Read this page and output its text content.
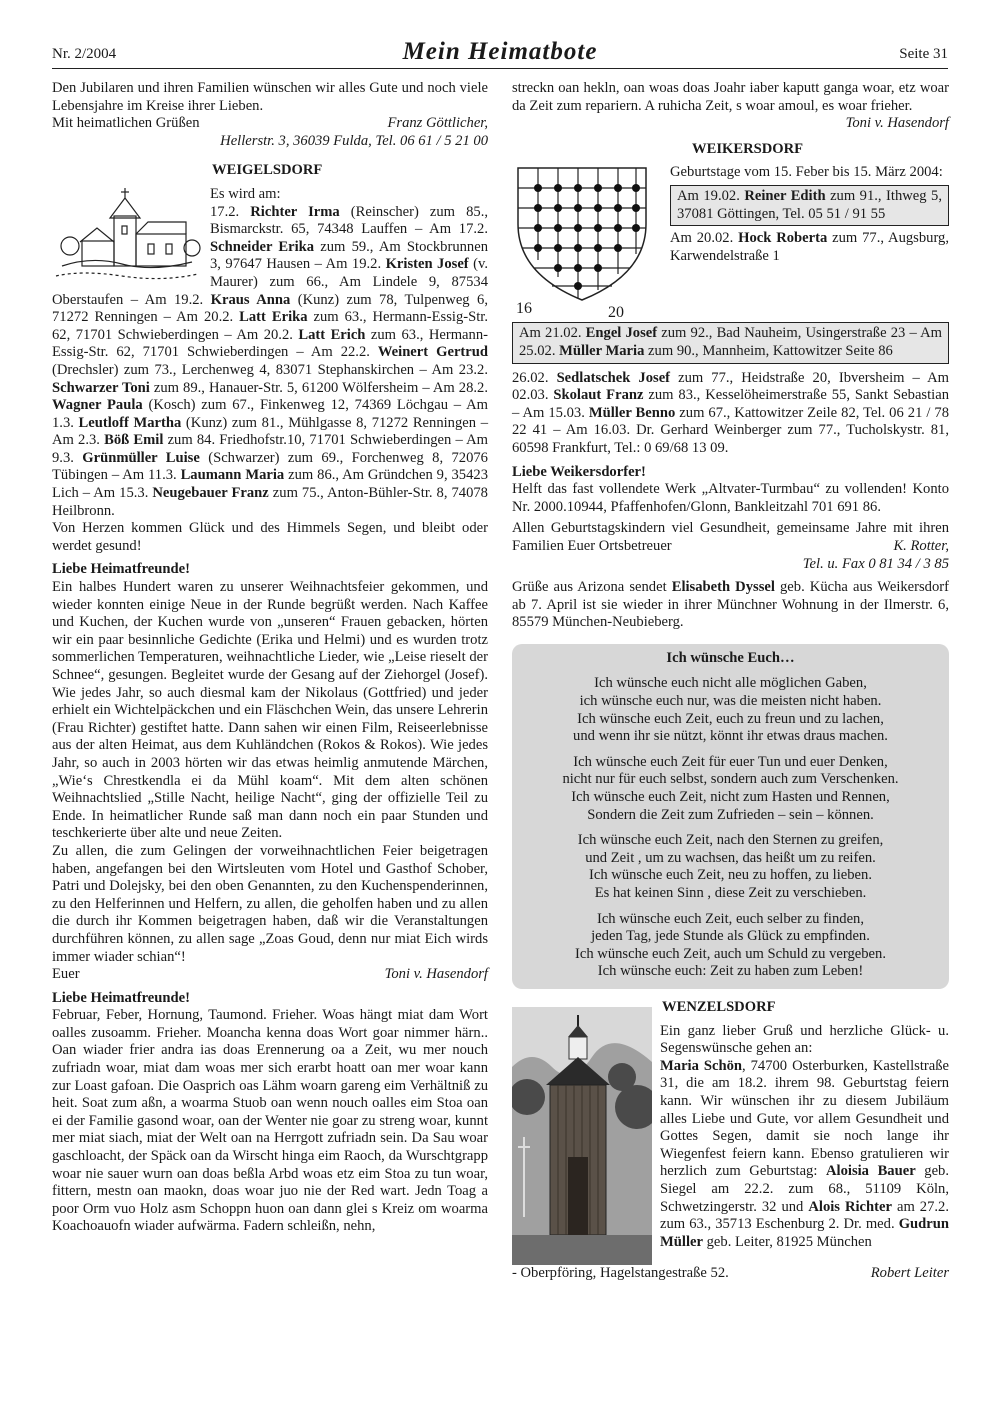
Nr. 2/2004	Mein Heimatbote	Seite 31

Den Jubilaren und ihren Familien wünschen wir alles Gute und noch viele Lebensjahre im Kreise ihrer Lieben.

Mit heimatlichen Grüßen	Franz Göttlicher,

Hellerstr. 3, 36039 Fulda, Tel. 06 61 / 5 21 00

WEIGELSDORF

Es wird am:

17.2. Richter Irma (Reinscher) zum 85., Bismarckstr. 65, 74348 Lauffen – Am 17.2. Schneider Erika zum 59., Am Stockbrunnen 3, 97647 Hausen – Am 19.2. Kristen Josef (v. Maurer) zum 66., Am Lindele 9, 87534 Oberstaufen – Am 19.2. Kraus Anna (Kunz) zum 78, Tulpenweg 6, 71272 Renningen – Am 20.2. Latt Erika zum 63., Hermann-Essig-Str. 62, 71701 Schwieberdingen – Am 20.2. Latt Erich zum 63., Hermann-Essig-Str. 62, 71701 Schwieberdingen – Am 22.2. Weinert Gertrud (Drechsler) zum 73., Lerchenweg 4, 83071 Stephanskirchen – Am 23.2. Schwarzer Toni zum 89., Hanauer-Str. 5, 61200 Wölfersheim – Am 28.2. Wagner Paula (Kosch) zum 67., Finkenweg 12, 74369 Löchgau – Am 1.3. Leutloff Martha (Kunz) zum 81., Mühlgasse 8, 71272 Renningen – Am 2.3. Böß Emil zum 84. Friedhofstr.10, 71701 Schwieberdingen – Am 9.3. Grünmüller Luise (Schwarzer) zum 69., Forchenweg 8, 72076 Tübingen – Am 11.3. Laumann Maria zum 86., Am Gründchen 9, 35423 Lich – Am 15.3. Neugebauer Franz zum 75., Anton-Bühler-Str. 8, 74078 Heilbronn.

Von Herzen kommen Glück und des Himmels Segen, und bleibt oder werdet gesund!

Liebe Heimatfreunde!

Ein halbes Hundert waren zu unserer Weihnachtsfeier gekommen, und wieder konnten einige Neue in der Runde begrüßt werden. Nach Kaffee und Kuchen, der Kuchen wurde von „unseren“ Frauen gebacken, hörten wir ein paar besinnliche Gedichte (Erika und Helmi) und es wurden trotz sommerlichen Temperaturen, weihnachtliche Lieder, wie „Leise rieselt der Schnee“, gesungen. Begleitet wurde der Gesang auf der Ziehorgel (Josef). Wie jedes Jahr, so auch diesmal kam der Nikolaus (Gottfried) und jeder erhielt ein Wichtelpäckchen und ein Fläschchen Wein, das unsere Lehrerin (Frau Richter) gestiftet hatte. Dann sahen wir einen Film, Reiseerlebnisse aus der alten Heimat, aus dem Kuhländchen (Rokos & Rokos). Wie jedes Jahr, so auch in 2003 hörten wir das etwas heimlig anmutende Märchen, „Wie‘s Chrestkendla ei da Mühl koam“. Mit dem alten schönen Weihnachtslied „Stille Nacht, heilige Nacht“, ging der offizielle Teil zu Ende. In heimatlicher Runde saß man dann noch ein paar Stunden und teschkerierte über alte und neue Zeiten.

Zu allen, die zum Gelingen der vorweihnachtlichen Feier beigetragen haben, angefangen bei den Wirtsleuten vom Hotel und Gasthof Schober, Patri und Dolejsky, bei den oben Genannten, zu den Kuchenspenderinnen, zu den Helferinnen und Helfern, zu allen, die geholfen haben und zu allen die durch ihr Kommen beigetragen haben, daß wir die Veranstaltungen durchführen können, zu allen sage „Zoas Goud, denn nur miat Eich wirds immer wiader schian“!

Euer	Toni v. Hasendorf
Liebe Heimatfreunde!

Februar, Feber, Hornung, Taumond. Frieher. Woas hängt miat dam Wort oalles zusoamm. Frieher. Moancha kenna doas Wort goar nimmer härn.. Oan wiader frier andra ias doas Erennerung oa a Zeit, wu mer nouch zufriadn woar, miat dam woas mer sich erarbt hoatt oan mer woar kann zur Loast gafoan. Die Oasprich oas Lähm woarn gareng eim Verhältniß zu heit. Soat zum aßn, a woarma Stuob oan wenn nouch oalles eim Stoa oan ei der Familie gasond woar, oan der Wenter nie goar zu streng woar, kunnt mer miat siach, miat der Welt oan na Herrgott zufriadn sein. Da Sau woar gaschloacht, der Späck oan da Wirscht hinga eim Raoch, da Wurschtgrapp woar nie sauer wurn oan doas beßla Arbd woas etz eim Stoa zu tun woar, fittern, mestn oan maokn, doas woar juo nie der Red wart. Jedn Toag a poor Orm vuo Holz asm Schoppn huon oan dann glei s Kreiz om woarma Koachoauofn wiader aufwärma. Fadern schleißn, nehn,

streckn oan hekln, oan woas doas Joahr iaber kaputt ganga woar, etz woar da Zeit zum repariern. A ruhicha Zeit, s woar amoul, es woar frieher.

Toni v. Hasendorf

WEIKERSDORF
16	20

Geburtstage vom 15. Feber bis 15. März 2004:

Am 19.02. Reiner Edith zum 91., Ithweg 5, 37081 Göttingen, Tel. 05 51 / 91 55

Am 20.02. Hock Roberta zum 77., Augsburg, Karwendelstraße 1

Am 21.02. Engel Josef zum 92., Bad Nauheim, Usingerstraße 23 – Am 25.02. Müller Maria zum 90., Mannheim, Kattowitzer Seite 86

26.02. Sedlatschek Josef zum 77., Heidstraße 20, Ibversheim – Am 02.03. Skolaut Franz zum 83., Kesselöheimerstraße 55, Sankt Sebastian – Am 15.03. Müller Benno zum 67., Kattowitzer Zeile 82, Tel. 06 21 / 78 22 41 – Am 16.03. Dr. Gerhard Weinberger zum 77., Tucholskystr. 81, 60598 Frankfurt, Tel.: 0 69/68 13 09.

Liebe Weikersdorfer!

Helft das fast vollendete Werk „Altvater-Turmbau“ zu vollenden! Konto Nr. 2000.10944, Pfaffenhofen/Glonn, Bankleitzahl 701 691 86.

Allen Geburtstagskindern viel Gesundheit, gemeinsame Jahre mit ihren Familien Euer Ortsbetreuer	K. Rotter,

Tel. u. Fax 0 81 34 / 3 85

Grüße aus Arizona sendet Elisabeth Dyssel geb. Küchа aus Weikersdorf ab 7. April ist sie wieder in ihrer Münchner Wohnung in der Ilmerstr. 6, 85579 München-Neubieberg.

Ich wünsche Euch…
Ich wünsche euch nicht alle möglichen Gaben,
ich wünsche euch nur, was die meisten nicht haben.
Ich wünsche euch Zeit, euch zu freun und zu lachen,
und wenn ihr sie nützt, könnt ihr etwas draus machen.
Ich wünsche euch Zeit für euer Tun und euer Denken,
nicht nur für euch selbst, sondern auch zum Verschenken.
Ich wünsche euch Zeit, nicht zum Hasten und Rennen,
Sondern die Zeit zum Zufrieden – sein – können.
Ich wünsche euch Zeit, nach den Sternen zu greifen,
und Zeit , um zu wachsen, das heißt um zu reifen.
Ich wünsche euch Zeit, neu zu hoffen, zu lieben.
Es hat keinen Sinn , diese Zeit zu verschieben.
Ich wünsche euch Zeit, euch selber zu finden,
jeden Tag, jede Stunde als Glück zu empfinden.
Ich wünsche euch Zeit, auch um Schuld zu vergeben.
Ich wünsche euch: Zeit zu haben zum Leben!
WENZELSDORF

Ein ganz lieber Gruß und herzliche Glück- u. Segenswünsche gehen an:

Maria Schön, 74700 Osterburken, Kastellstraße 31, die am 18.2. ihrem 98. Geburtstag feiern kann. Wir wünschen ihr zu diesem Jubiläum alles Liebe und Gute, vor allem Gesundheit und Gottes Segen, damit sie noch lange ihr Wiegenfest feiern kann. Ebenso gratulieren wir herzlich zum Geburtstag: Aloisia Bauer geb. Siegel am 22.2. zum 68., 51109 Köln, Schwetzingerstr. 32 und Alois Richter am 27.2. zum 63., 35713 Eschenburg 2. Dr. med. Gudrun Müller geb. Leiter, 81925 München

- Oberpföring, Hagelstangestraße 52.	Robert Leiter
